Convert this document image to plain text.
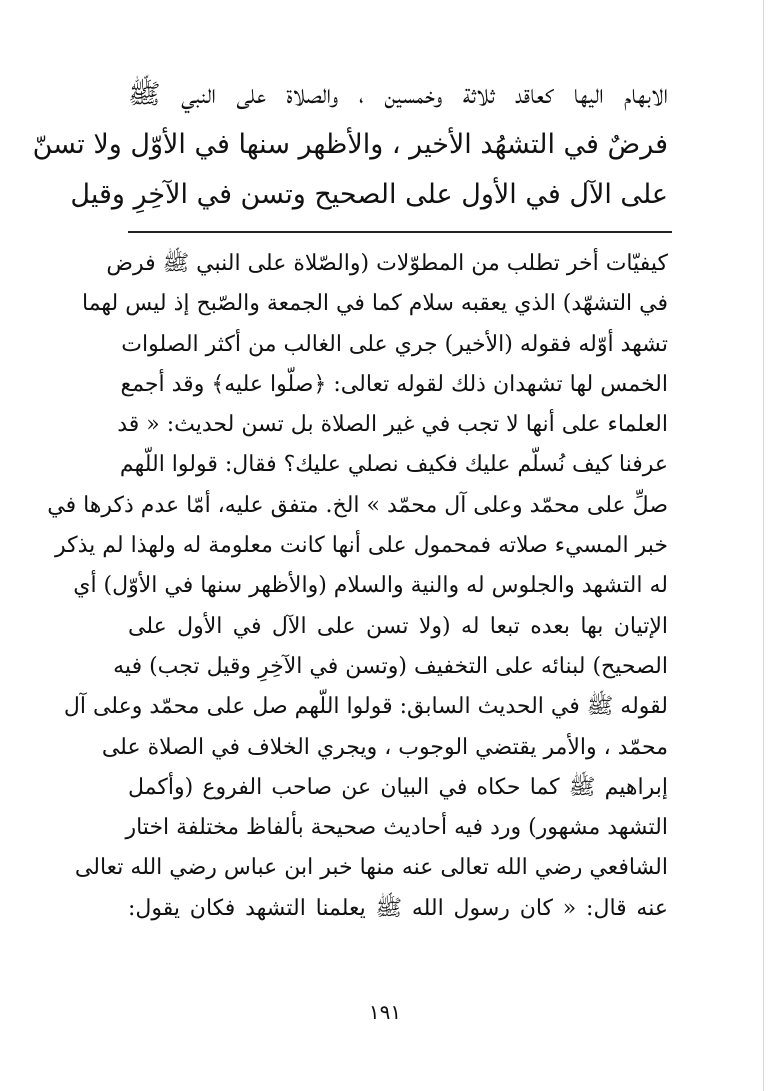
الابهام اليها كعاقد ثلاثة وخمسين ، والصلاة على النبي ﷺ
فرضٌ في التشهُد الأخير ، والأظهر سنها في الأوّل ولا تسنّ
على الآل في الأول على الصحيح وتسن في الآخِرِ وقيل
كيفيّات أخر تطلب من المطوّلات (والصّلاة على النبي ﷺ فرض
في التشهّد) الذي يعقبه سلام كما في الجمعة والصّبح إذ ليس لهما
تشهد أوّله فقوله (الأخير) جري على الغالب من أكثر الصلوات
الخمس لها تشهدان ذلك لقوله تعالى: ﴿صلّوا عليه﴾ وقد أجمع
العلماء على أنها لا تجب في غير الصلاة بل تسن لحديث: « قد
عرفنا كيف نُسلّم عليك فكيف نصلي عليك؟ فقال: قولوا اللّهم
صلِّ على محمّد وعلى آل محمّد » الخ. متفق عليه، أمّا عدم ذكرها في
خبر المسيء صلاته فمحمول على أنها كانت معلومة له ولهذا لم يذكر
له التشهد والجلوس له والنية والسلام (والأظهر سنها في الأوّل) أي
الإتيان بها بعده تبعا له (ولا تسن على الآل في الأول على
الصحيح) لبنائه على التخفيف (وتسن في الآخِرِ وقيل تجب) فيه
لقوله ﷺ في الحديث السابق: قولوا اللّهم صل على محمّد وعلى آل
محمّد ، والأمر يقتضي الوجوب ، ويجري الخلاف في الصلاة على
إبراهيم ﷺ كما حكاه في البيان عن صاحب الفروع (وأكمل
التشهد مشهور) ورد فيه أحاديث صحيحة بألفاظ مختلفة اختار
الشافعي رضي الله تعالى عنه منها خبر ابن عباس رضي الله تعالى
عنه قال: « كان رسول الله ﷺ يعلمنا التشهد فكان يقول:
١٩١
